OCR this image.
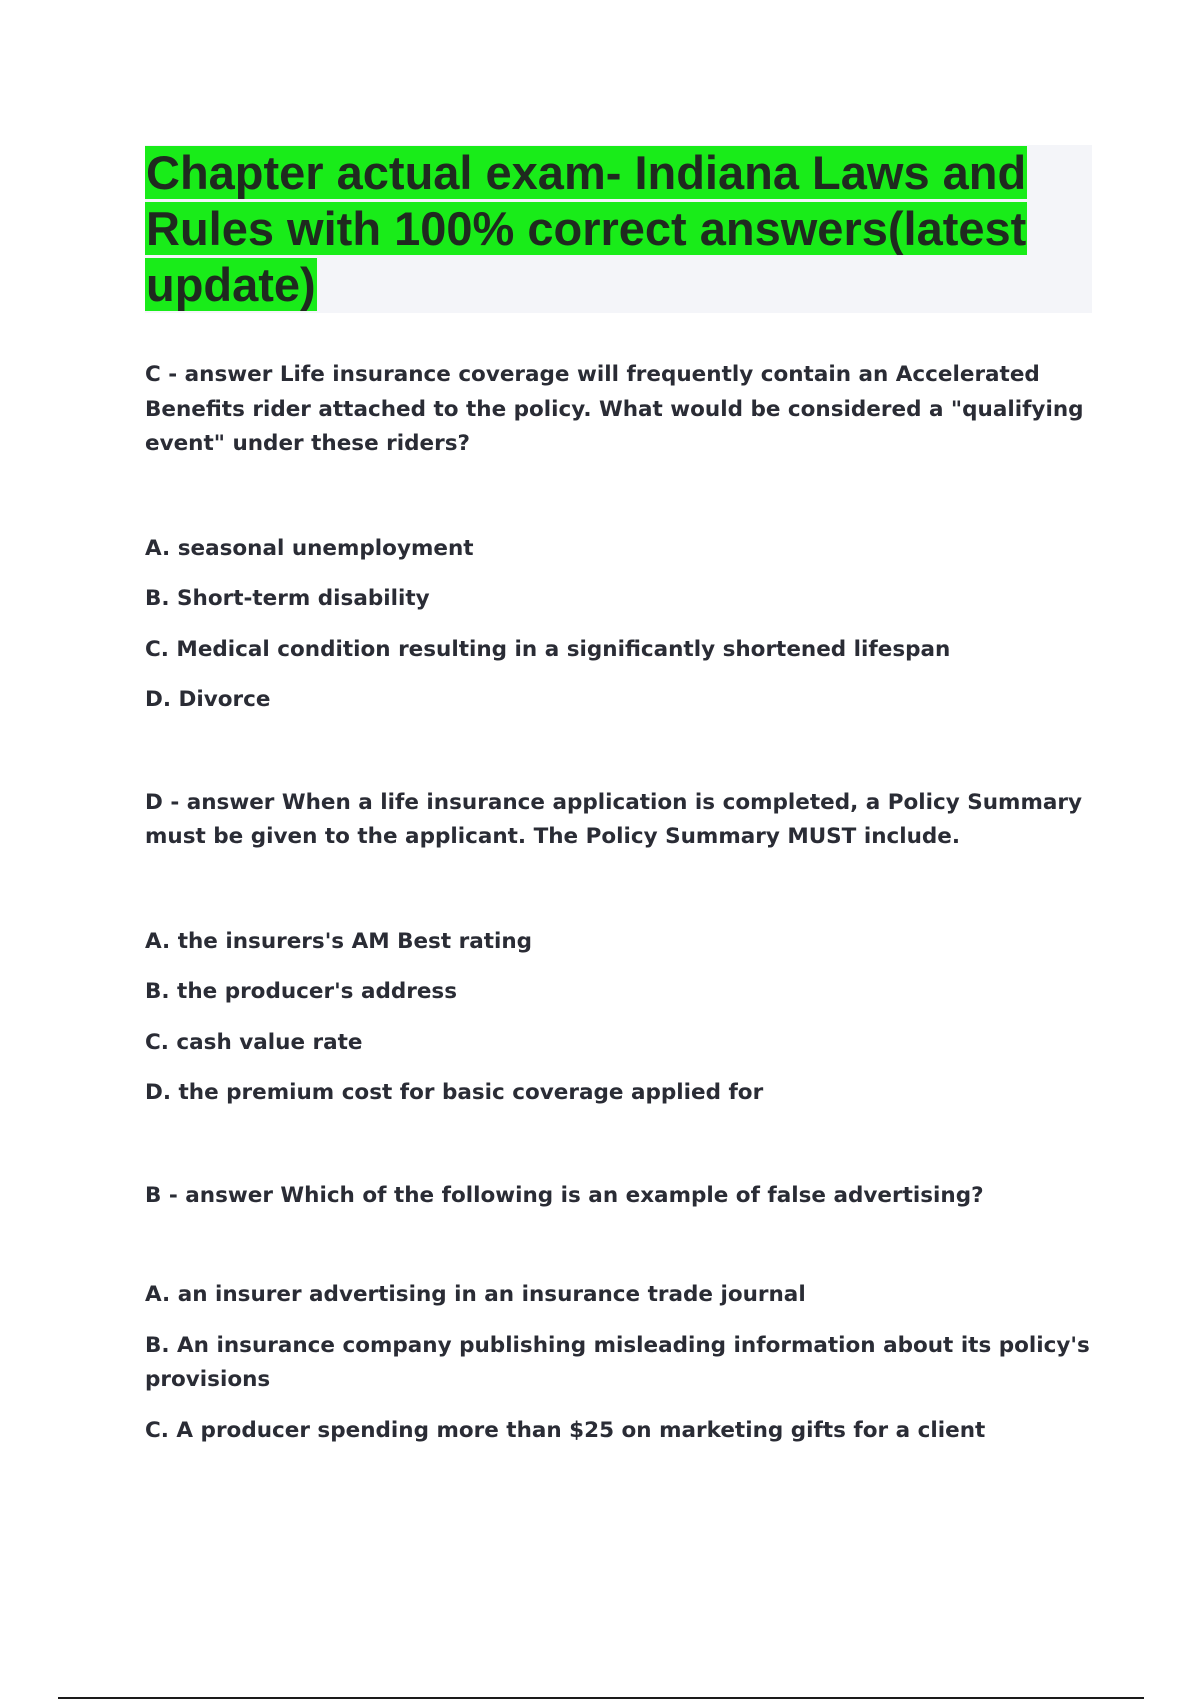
Chapter actual exam- Indiana Laws and Rules with 100% correct answers(latest update)

C - answer Life insurance coverage will frequently contain an Accelerated Benefits rider attached to the policy. What would be considered a "qualifying event" under these riders?

A. seasonal unemployment

B. Short-term disability

C. Medical condition resulting in a significantly shortened lifespan

D. Divorce

D - answer When a life insurance application is completed, a Policy Summary must be given to the applicant. The Policy Summary MUST include.

A. the insurers's AM Best rating

B. the producer's address

C. cash value rate

D. the premium cost for basic coverage applied for

B - answer Which of the following is an example of false advertising?

A. an insurer advertising in an insurance trade journal

B. An insurance company publishing misleading information about its policy's provisions

C. A producer spending more than $25 on marketing gifts for a client
